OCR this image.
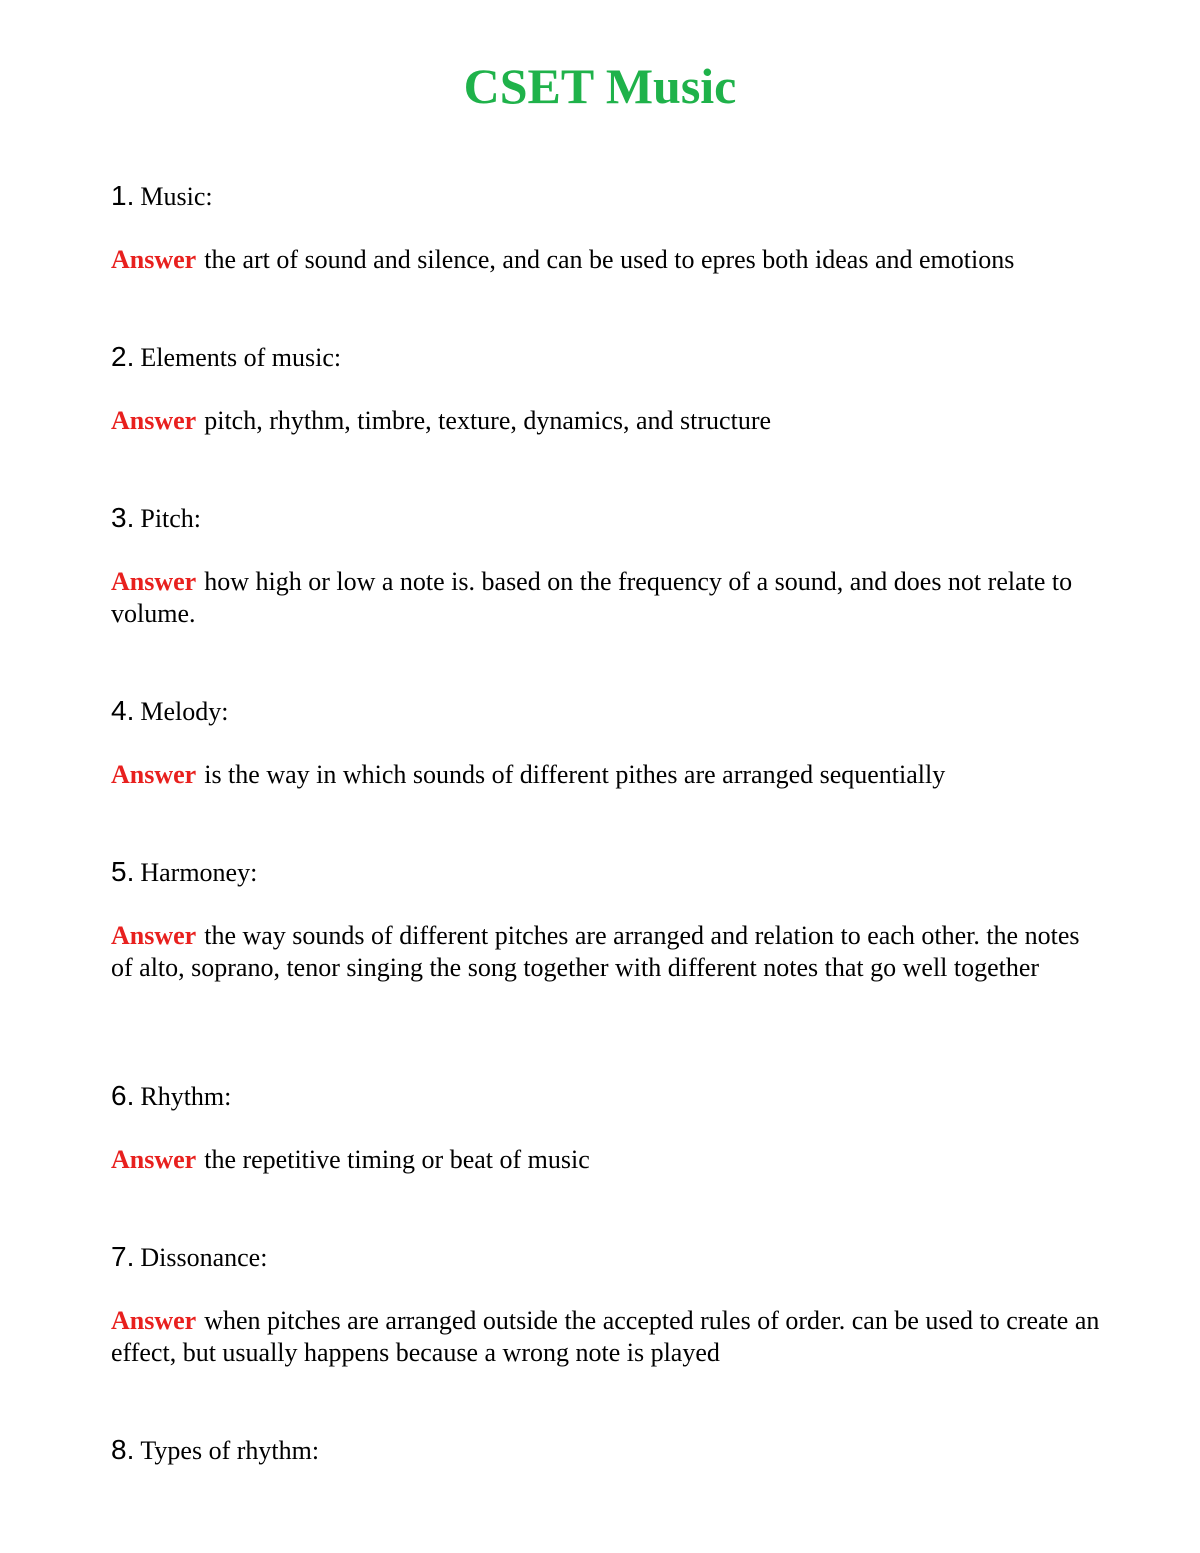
CSET Music
1. Music:
Answer the art of sound and silence, and can be used to epres both ideas and emotions
2. Elements of music:
Answer pitch, rhythm, timbre, texture, dynamics, and structure
3. Pitch:
Answer how high or low a note is. based on the frequency of a sound, and does not relate to volume.
4. Melody:
Answer is the way in which sounds of different pithes are arranged sequentially
5. Harmoney:
Answer the way sounds of different pitches are arranged and relation to each other. the notes of alto, soprano, tenor singing the song together with different notes that go well together
6. Rhythm:
Answer the repetitive timing or beat of music
7. Dissonance:
Answer when pitches are arranged outside the accepted rules of order. can be used to create an effect, but usually happens because a wrong note is played
8. Types of rhythm:
